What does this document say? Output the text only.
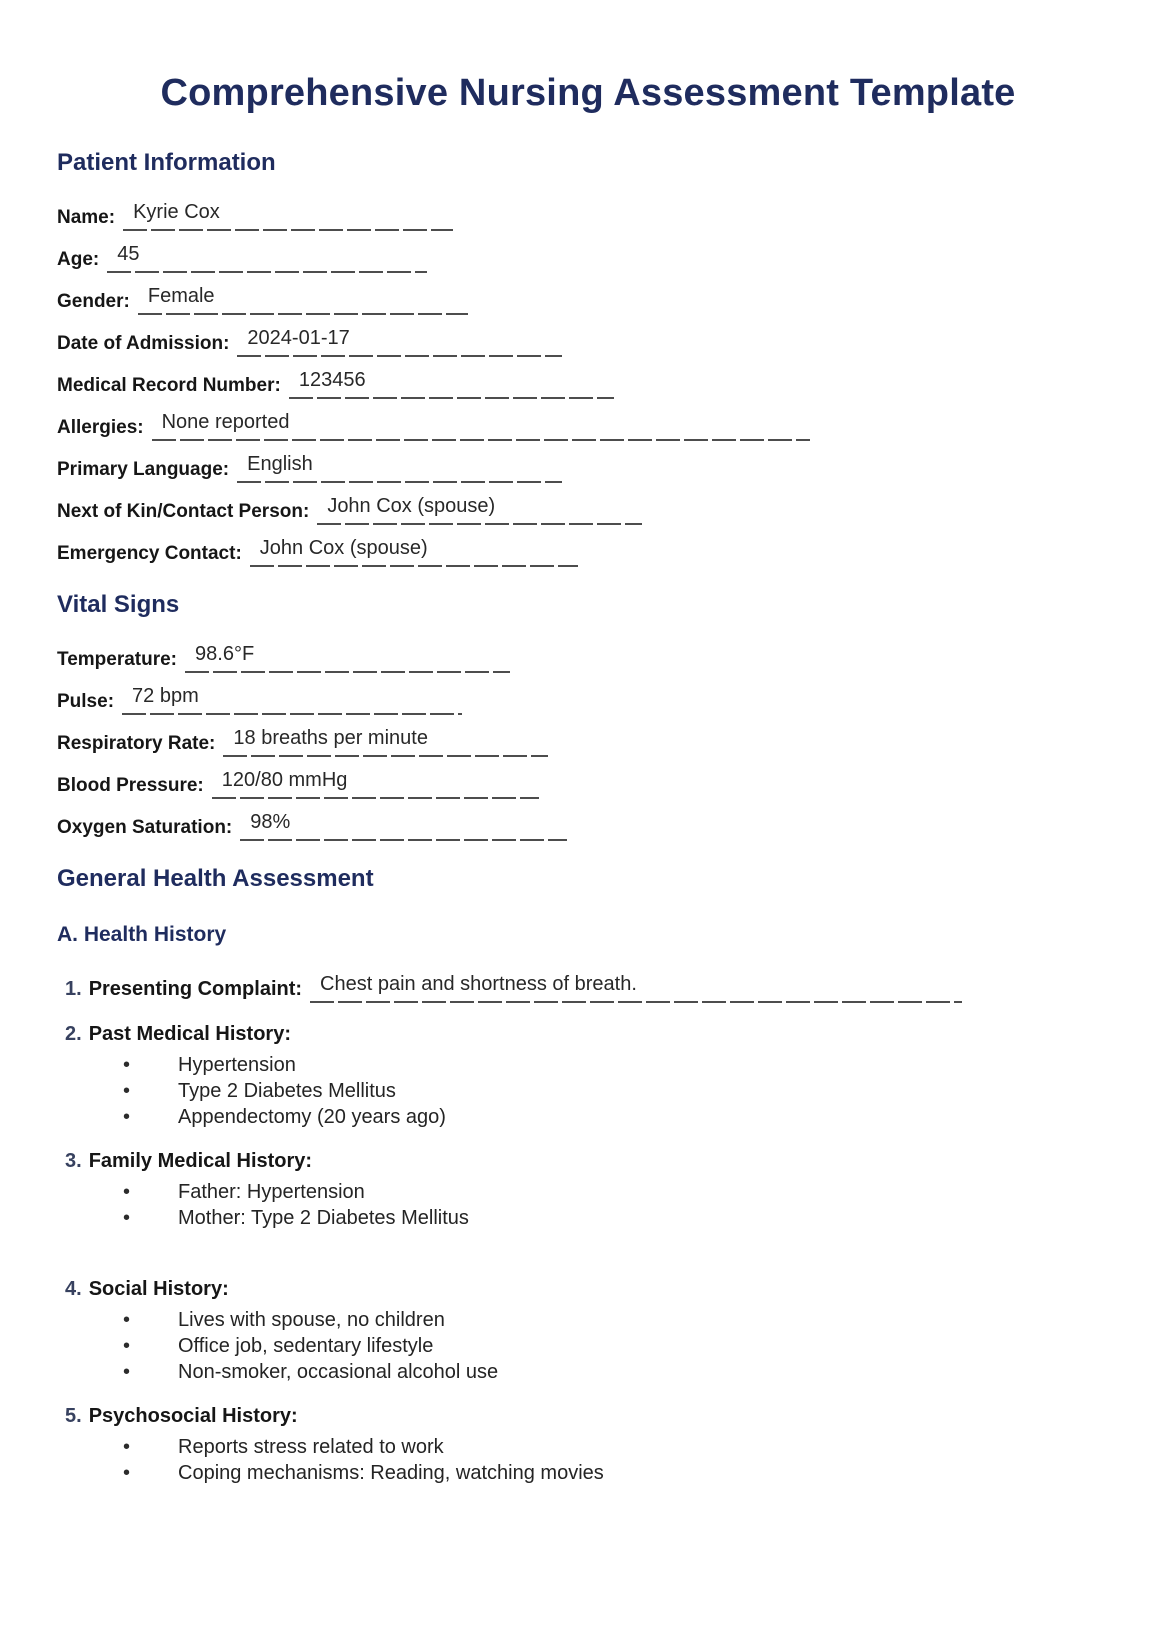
Comprehensive Nursing Assessment Template
Patient Information
Name: Kyrie Cox
Age: 45
Gender: Female
Date of Admission: 2024-01-17
Medical Record Number: 123456
Allergies: None reported
Primary Language: English
Next of Kin/Contact Person: John Cox (spouse)
Emergency Contact: John Cox (spouse)
Vital Signs
Temperature: 98.6°F
Pulse: 72 bpm
Respiratory Rate: 18 breaths per minute
Blood Pressure: 120/80 mmHg
Oxygen Saturation: 98%
General Health Assessment
A. Health History
1. Presenting Complaint: Chest pain and shortness of breath.
2. Past Medical History:
• Hypertension
• Type 2 Diabetes Mellitus
• Appendectomy (20 years ago)
3. Family Medical History:
• Father: Hypertension
• Mother: Type 2 Diabetes Mellitus
4. Social History:
• Lives with spouse, no children
• Office job, sedentary lifestyle
• Non-smoker, occasional alcohol use
5. Psychosocial History:
• Reports stress related to work
• Coping mechanisms: Reading, watching movies
